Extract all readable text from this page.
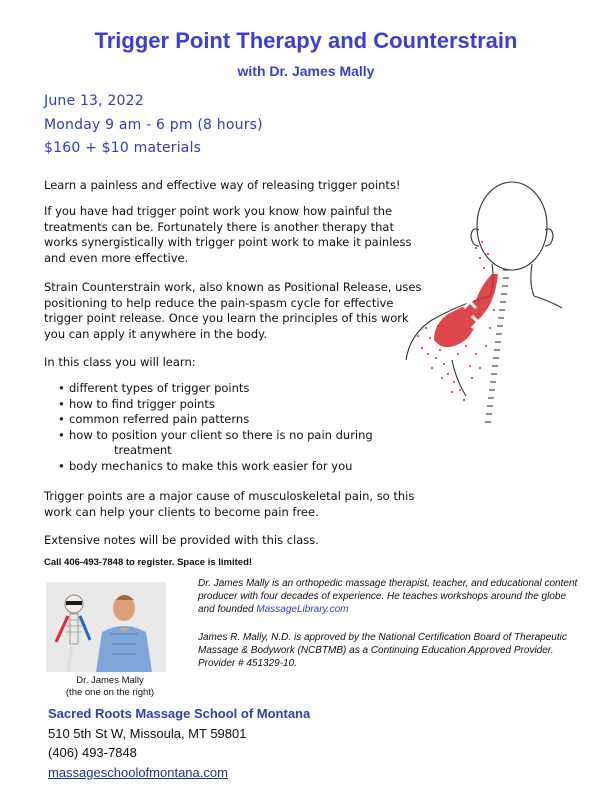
Trigger Point Therapy and Counterstrain
with Dr. James Mally
June 13, 2022
Monday 9 am - 6 pm (8 hours)
$160 + $10 materials
Learn a painless and effective way of releasing trigger points!
If you have had trigger point work you know how painful the treatments can be. Fortunately there is another therapy that works synergistically with trigger point work to make it painless and even more effective.
Strain Counterstrain work, also known as Positional Release, uses positioning to help reduce the pain-spasm cycle for effective trigger point release. Once you learn the principles of this work you can apply it anywhere in the body.
In this class you will learn:
• different types of trigger points
• how to find trigger points
• common referred pain patterns
• how to position your client so there is no pain during
treatment
• body mechanics to make this work easier for you
Trigger points are a major cause of musculoskeletal pain, so this work can help your clients to become pain free.
Extensive notes will be provided with this class.
Call 406-493-7848 to register. Space is limited!
Dr. James Mally
(the one on the right)
Dr. James Mally is an orthopedic massage therapist, teacher, and educational content producer with four decades of experience. He teaches workshops around the globe and founded MassageLibrary.com
James R. Mally, N.D. is approved by the National Certification Board of Therapeutic Massage & Bodywork (NCBTMB) as a Continuing Education Approved Provider. Provider # 451329-10.
Sacred Roots Massage School of Montana
510 5th St W, Missoula, MT 59801
(406) 493-7848
massageschoolofmontana.com
